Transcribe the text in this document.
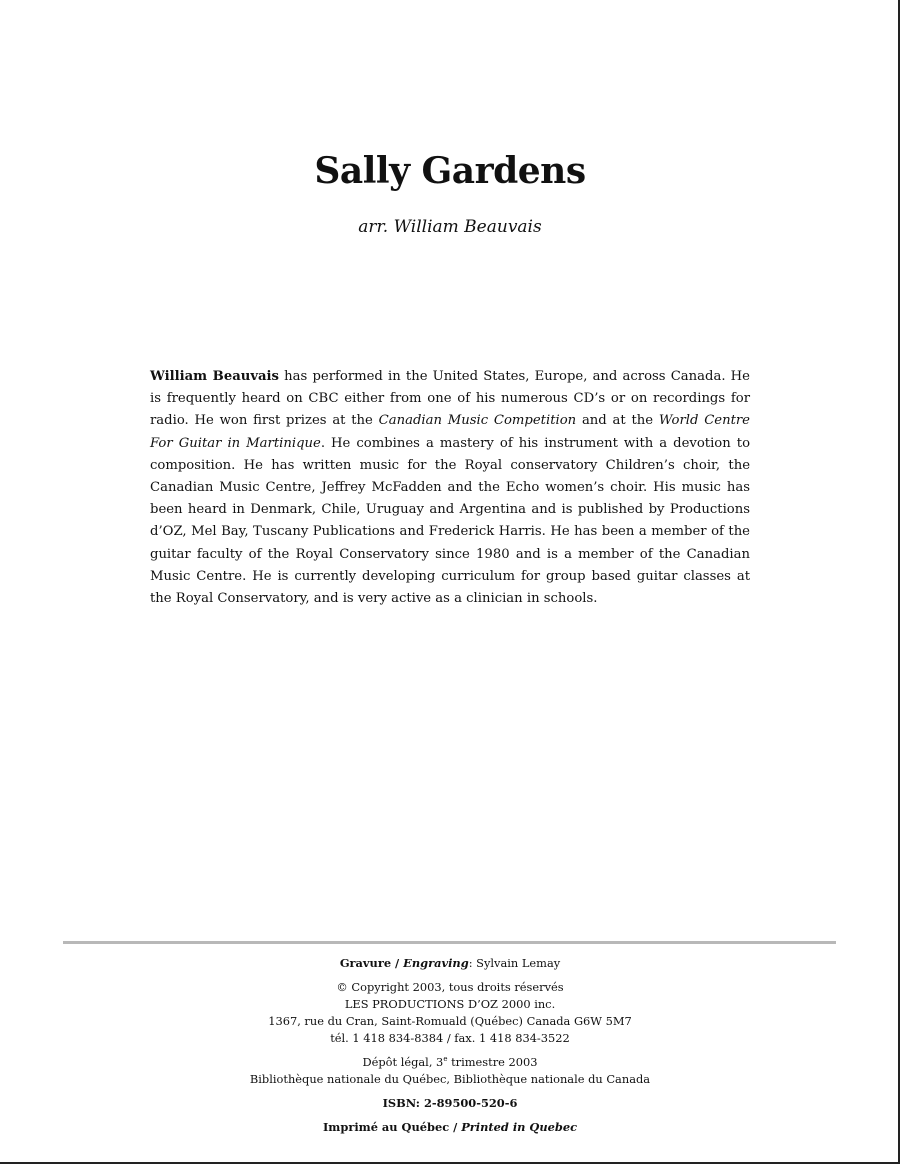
Sally Gardens
arr. William Beauvais

William Beauvais has performed in the United States, Europe, and across Canada. He is frequently heard on CBC either from one of his numerous CD’s or on recordings for radio. He won first prizes at the Canadian Music Competition and at the World Centre For Guitar in Martinique. He combines a mastery of his instrument with a devotion to composition. He has written music for the Royal conservatory Children’s choir, the Canadian Music Centre, Jeffrey McFadden and the Echo women’s choir. His music has been heard in Denmark, Chile, Uruguay and Argentina and is published by Productions d’OZ, Mel Bay, Tuscany Publications and Frederick Harris. He has been a member of the guitar faculty of the Royal Conservatory since 1980 and is a member of the Canadian Music Centre. He is currently developing curriculum for group based guitar classes at the Royal Conservatory, and is very active as a clinician in schools.

Gravure / Engraving: Sylvain Lemay
© Copyright 2003, tous droits réservés
LES PRODUCTIONS D’OZ 2000 inc.
1367, rue du Cran, Saint-Romuald (Québec) Canada G6W 5M7
tél. 1 418 834-8384 / fax. 1 418 834-3522
Dépôt légal, 3e trimestre 2003
Bibliothèque nationale du Québec, Bibliothèque nationale du Canada
ISBN: 2-89500-520-6
Imprimé au Québec / Printed in Quebec
